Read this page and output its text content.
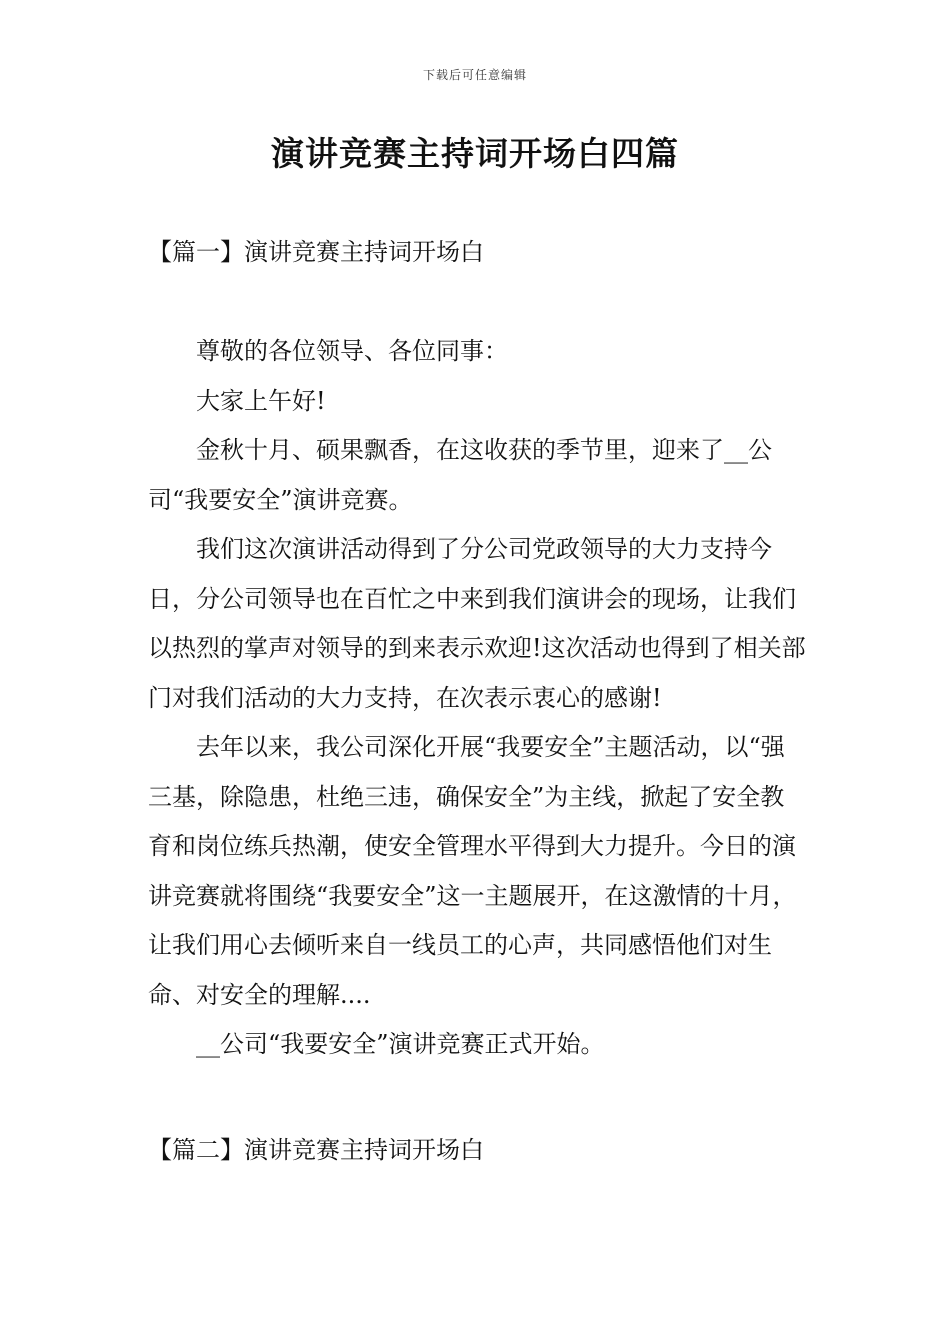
下载后可任意编辑
演讲竞赛主持词开场白四篇
【篇一】演讲竞赛主持词开场白

尊敬的各位领导、各位同事：

大家上午好!

金秋十月、硕果飘香，在这收获的季节里，迎来了__公司“我要安全”演讲竞赛。

我们这次演讲活动得到了分公司党政领导的大力支持今日，分公司领导也在百忙之中来到我们演讲会的现场，让我们以热烈的掌声对领导的到来表示欢迎!这次活动也得到了相关部门对我们活动的大力支持，在次表示衷心的感谢!

去年以来，我公司深化开展“我要安全”主题活动，以“强三基，除隐患，杜绝三违，确保安全”为主线，掀起了安全教育和岗位练兵热潮，使安全管理水平得到大力提升。今日的演讲竞赛就将围绕“我要安全”这一主题展开，在这激情的十月，让我们用心去倾听来自一线员工的心声，共同感悟他们对生命、对安全的理解....

__公司“我要安全”演讲竞赛正式开始。

【篇二】演讲竞赛主持词开场白
